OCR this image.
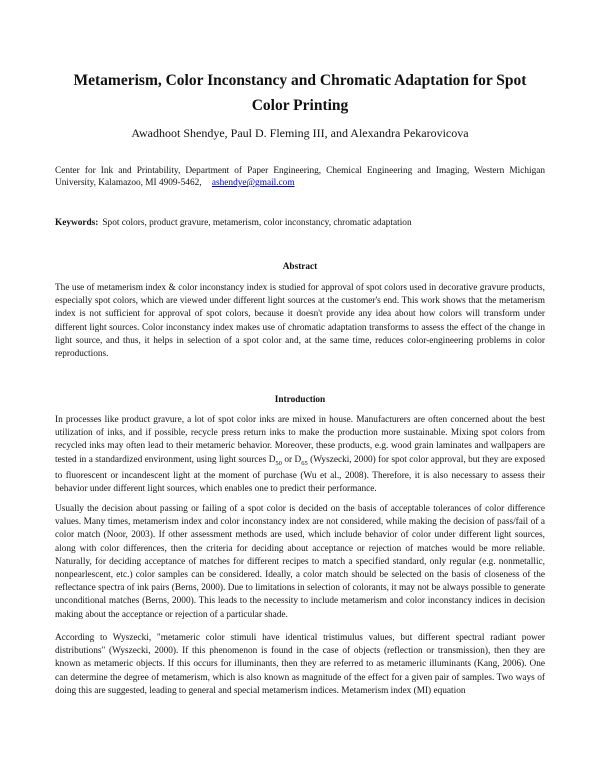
Metamerism, Color Inconstancy and Chromatic Adaptation for Spot
Color Printing
Awadhoot Shendye, Paul D. Fleming III, and Alexandra Pekarovicova
Center for Ink and Printability, Department of Paper Engineering, Chemical Engineering and Imaging, Western Michigan University, Kalamazoo, MI 4909-5462, ashendye@gmail.com
Keywords: Spot colors, product gravure, metamerism, color inconstancy, chromatic adaptation
Abstract

The use of metamerism index & color inconstancy index is studied for approval of spot colors used in decorative gravure products, especially spot colors, which are viewed under different light sources at the customer's end. This work shows that the metamerism index is not sufficient for approval of spot colors, because it doesn't provide any idea about how colors will transform under different light sources. Color inconstancy index makes use of chromatic adaptation transforms to assess the effect of the change in light source, and thus, it helps in selection of a spot color and, at the same time, reduces color-engineering problems in color reproductions.

Introduction

In processes like product gravure, a lot of spot color inks are mixed in house. Manufacturers are often concerned about the best utilization of inks, and if possible, recycle press return inks to make the production more sustainable. Mixing spot colors from recycled inks may often lead to their metameric behavior. Moreover, these products, e.g. wood grain laminates and wallpapers are tested in a standardized environment, using light sources $D_{50}$ or $D_{65}$ (Wyszecki, 2000) for spot color approval, but they are exposed to fluorescent or incandescent light at the moment of purchase (Wu et al., 2008). Therefore, it is also necessary to assess their behavior under different light sources, which enables one to predict their performance.

Usually the decision about passing or failing of a spot color is decided on the basis of acceptable tolerances of color difference values. Many times, metamerism index and color inconstancy index are not considered, while making the decision of pass/fail of a color match (Noor, 2003). If other assessment methods are used, which include behavior of color under different light sources, along with color differences, then the criteria for deciding about acceptance or rejection of matches would be more reliable. Naturally, for deciding acceptance of matches for different recipes to match a specified standard, only regular (e.g. nonmetallic, nonpearlescent, etc.) color samples can be considered. Ideally, a color match should be selected on the basis of closeness of the reflectance spectra of ink pairs (Berns, 2000). Due to limitations in selection of colorants, it may not be always possible to generate unconditional matches (Berns, 2000). This leads to the necessity to include metamerism and color inconstancy indices in decision making about the acceptance or rejection of a particular shade.

According to Wyszecki, "metameric color stimuli have identical tristimulus values, but different spectral radiant power distributions" (Wyszecki, 2000). If this phenomenon is found in the case of objects (reflection or transmission), then they are known as metameric objects. If this occurs for illuminants, then they are referred to as metameric illuminants (Kang, 2006). One can determine the degree of metamerism, which is also known as magnitude of the effect for a given pair of samples. Two ways of doing this are suggested, leading to general and special metamerism indices. Metamerism index (MI) equation
